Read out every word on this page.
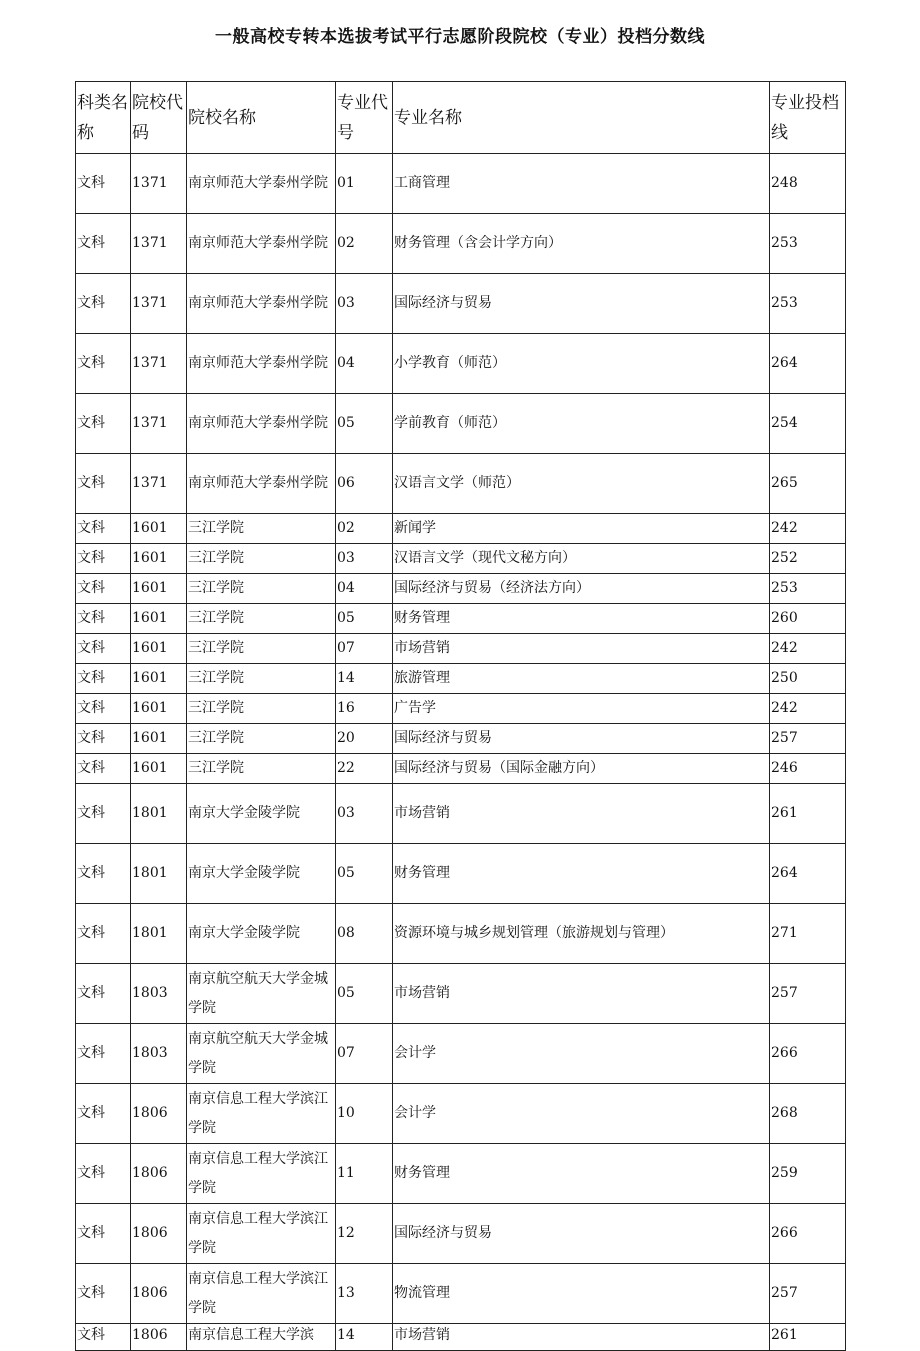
一般高校专转本选拔考试平行志愿阶段院校（专业）投档分数线
科类名称	院校代码	院校名称	专业代号	专业名称	专业投档线
文科	1371	南京师范大学泰州学院	01	工商管理	248
文科	1371	南京师范大学泰州学院	02	财务管理（含会计学方向）	253
文科	1371	南京师范大学泰州学院	03	国际经济与贸易	253
文科	1371	南京师范大学泰州学院	04	小学教育（师范）	264
文科	1371	南京师范大学泰州学院	05	学前教育（师范）	254
文科	1371	南京师范大学泰州学院	06	汉语言文学（师范）	265
文科	1601	三江学院	02	新闻学	242
文科	1601	三江学院	03	汉语言文学（现代文秘方向）	252
文科	1601	三江学院	04	国际经济与贸易（经济法方向）	253
文科	1601	三江学院	05	财务管理	260
文科	1601	三江学院	07	市场营销	242
文科	1601	三江学院	14	旅游管理	250
文科	1601	三江学院	16	广告学	242
文科	1601	三江学院	20	国际经济与贸易	257
文科	1601	三江学院	22	国际经济与贸易（国际金融方向）	246
文科	1801	南京大学金陵学院	03	市场营销	261
文科	1801	南京大学金陵学院	05	财务管理	264
文科	1801	南京大学金陵学院	08	资源环境与城乡规划管理（旅游规划与管理）	271
文科	1803	南京航空航天大学金城学院	05	市场营销	257
文科	1803	南京航空航天大学金城学院	07	会计学	266
文科	1806	南京信息工程大学滨江学院	10	会计学	268
文科	1806	南京信息工程大学滨江学院	11	财务管理	259
文科	1806	南京信息工程大学滨江学院	12	国际经济与贸易	266
文科	1806	南京信息工程大学滨江学院	13	物流管理	257
文科	1806	南京信息工程大学滨	14	市场营销	261
